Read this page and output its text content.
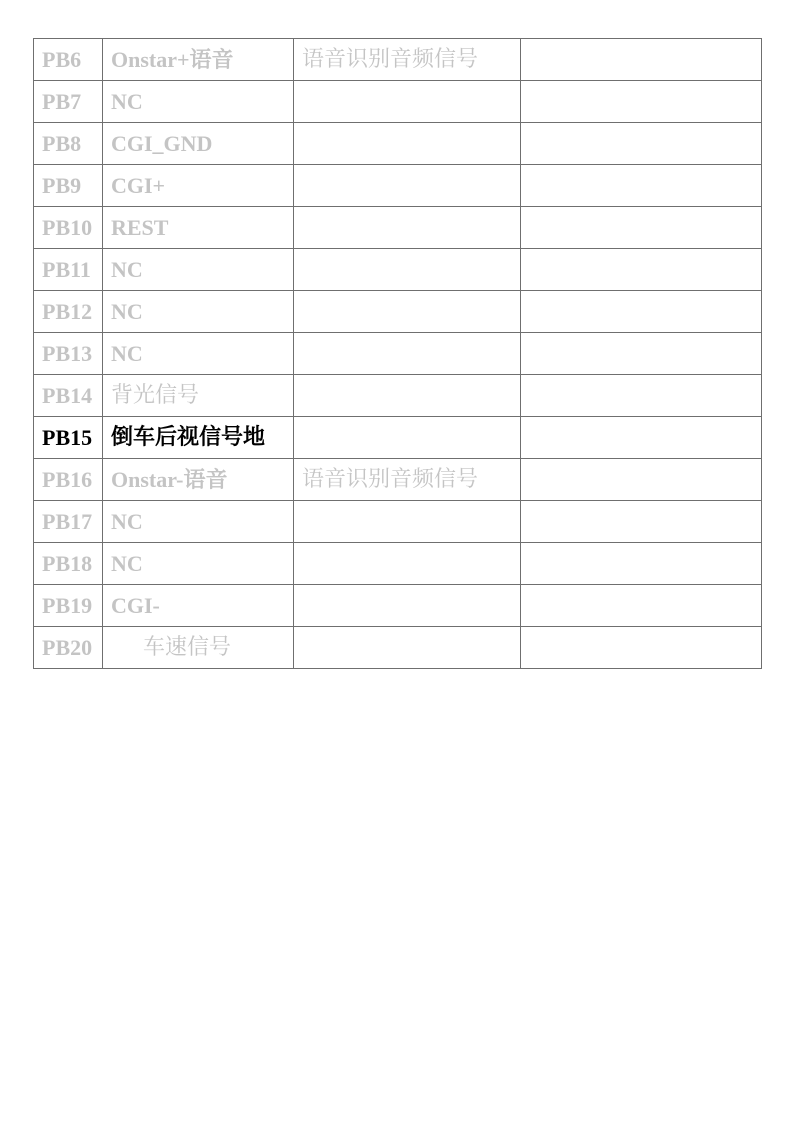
PB6	Onstar+语音	语音识别音频信号	
PB7	NC		
PB8	CGI_GND		
PB9	CGI+		
PB10	REST		
PB11	NC		
PB12	NC		
PB13	NC		
PB14	背光信号		
PB15	倒车后视信号地		
PB16	Onstar-语音	语音识别音频信号	
PB17	NC		
PB18	NC		
PB19	CGI-		
PB20	车速信号		
